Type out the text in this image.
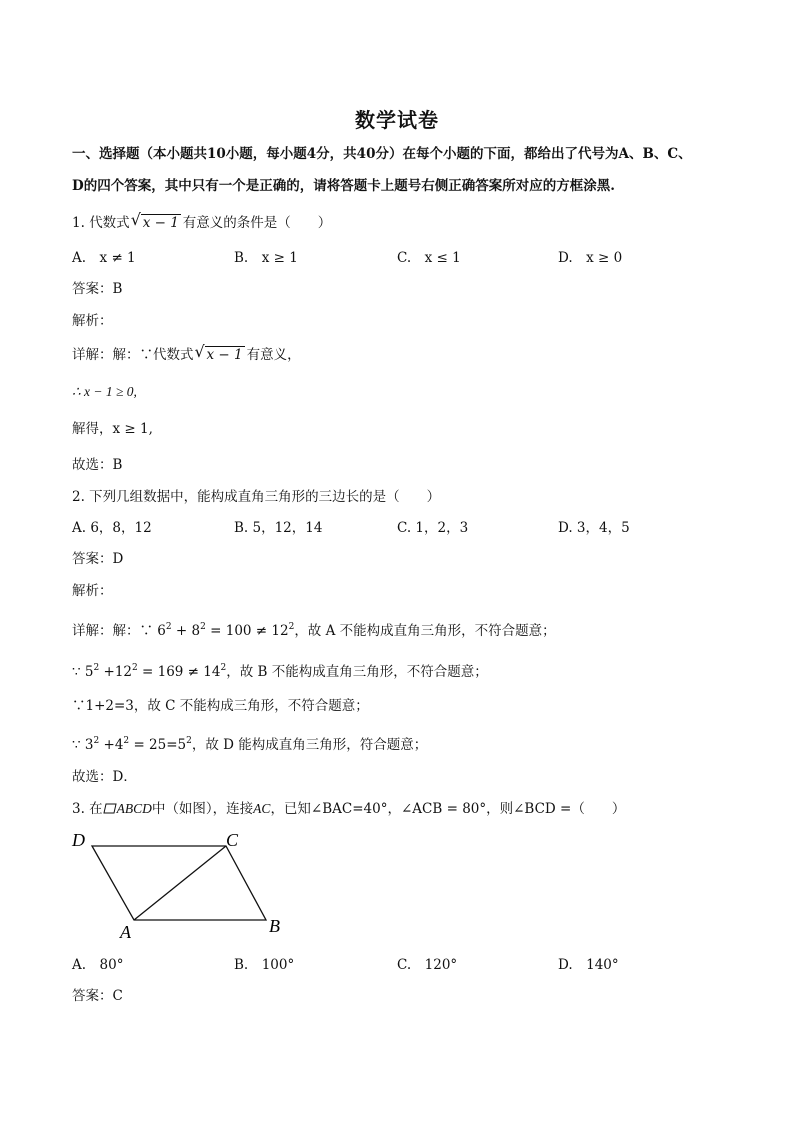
数学试卷
一、选择题（本小题共10小题，每小题4分，共40分）在每个小题的下面，都给出了代号为A、B、C、
D的四个答案，其中只有一个是正确的，请将答题卡上题号右侧正确答案所对应的方框涂黑.
1. 代数式 √ x − 1 有意义的条件是（　　）
A.　x ≠ 1	B.　x ≥ 1	C.　x ≤ 1	D.　x ≥ 0
答案：B
解析：
详解：解：∵代数式 √ x − 1 有意义，
∴ x − 1 ≥ 0,
解得，x ≥ 1,
故选：B
2. 下列几组数据中，能构成直角三角形的三边长的是（　　）
A. 6，8，12	B. 5，12，14	C. 1，2，3	D. 3，4，5
答案：D
解析：
详解：解：∵ $6^2 + 8^2 = 100 \ne 12^2$，故 A 不能构成直角三角形，不符合题意；
∵ $5^2 +12^2 = 169 \ne 14^2$，故 B 不能构成直角三角形，不符合题意；
∵1+2=3，故 C 不能构成三角形，不符合题意；
∵ $3^2 +4^2 = 25=5^2$，故 D 能构成直角三角形，符合题意；
故选：D．
3. 在 ABCD中（如图），连接AC，已知∠BAC=40°，∠ACB = 80°，则∠BCD =（　　）
D	C
A	B
A.　80°	B.　100°	C.　120°	D.　140°
答案：C
